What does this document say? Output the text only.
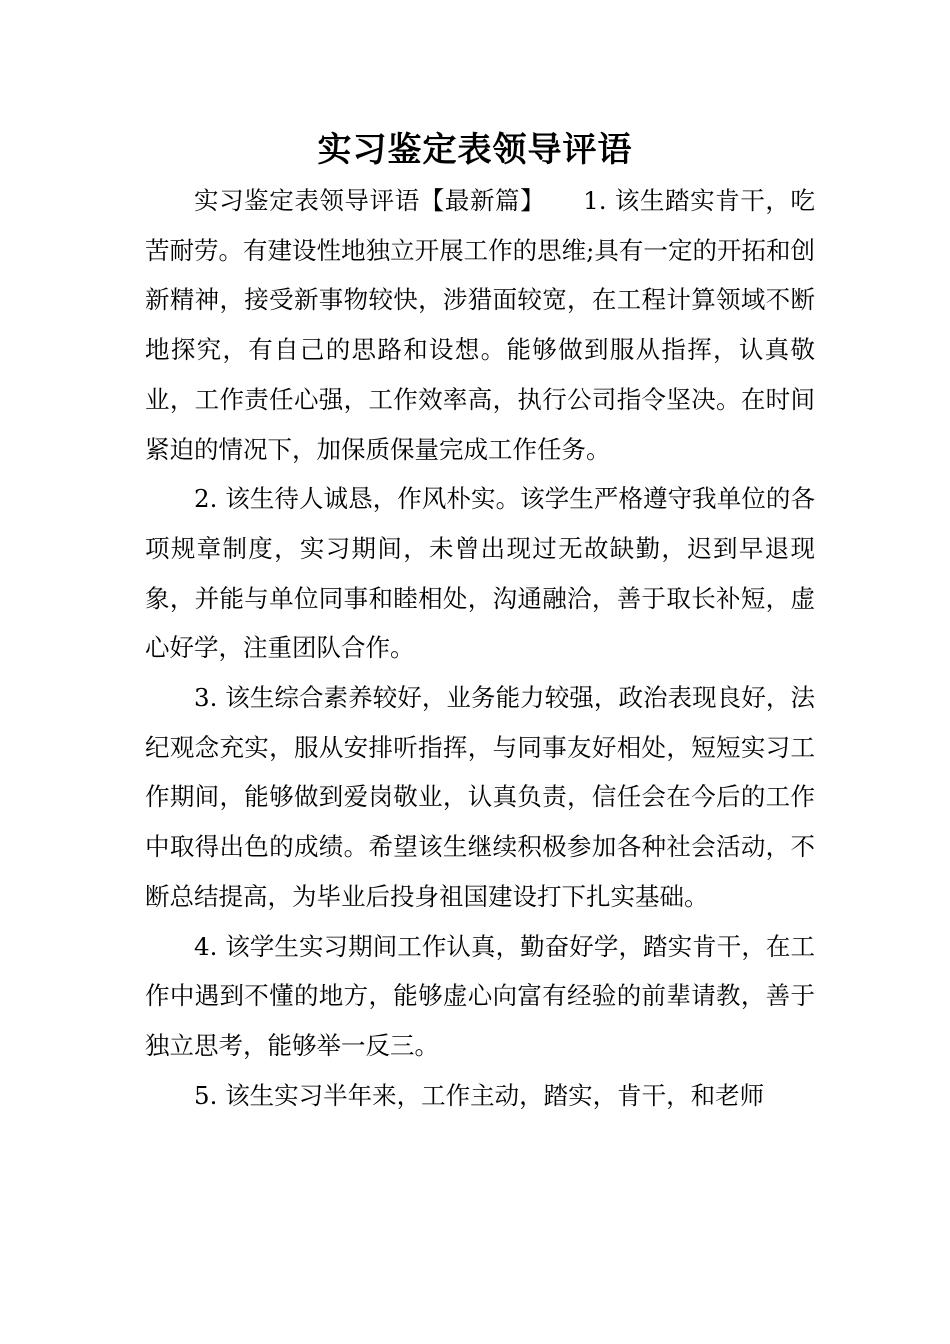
实习鉴定表领导评语

实习鉴定表领导评语【最新篇】　　1. 该生踏实肯干，吃苦耐劳。有建设性地独立开展工作的思维;具有一定的开拓和创新精神，接受新事物较快，涉猎面较宽，在工程计算领域不断地探究，有自己的思路和设想。能够做到服从指挥，认真敬业，工作责任心强，工作效率高，执行公司指令坚决。在时间紧迫的情况下，加保质保量完成工作任务。

2. 该生待人诚恳，作风朴实。该学生严格遵守我单位的各项规章制度，实习期间，未曾出现过无故缺勤，迟到早退现象，并能与单位同事和睦相处，沟通融洽，善于取长补短，虚心好学，注重团队合作。

3. 该生综合素养较好，业务能力较强，政治表现良好，法纪观念充实，服从安排听指挥，与同事友好相处，短短实习工作期间，能够做到爱岗敬业，认真负责，信任会在今后的工作中取得出色的成绩。希望该生继续积极参加各种社会活动，不断总结提高，为毕业后投身祖国建设打下扎实基础。

4. 该学生实习期间工作认真，勤奋好学，踏实肯干，在工作中遇到不懂的地方，能够虚心向富有经验的前辈请教，善于独立思考，能够举一反三。

5. 该生实习半年来，工作主动，踏实，肯干，和老师
